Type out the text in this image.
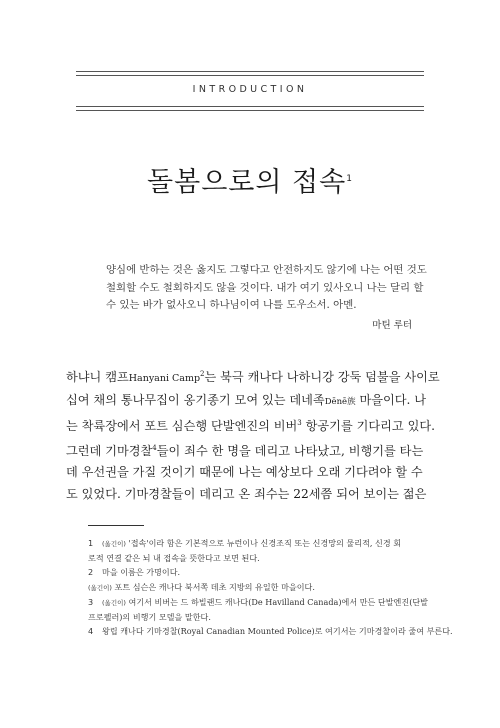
INTRODUCTION
돌봄으로의 접속$^1$
양심에 반하는 것은 옳지도 그렇다고 안전하지도 않기에 나는 어떤 것도
철회할 수도 철회하지도 않을 것이다. 내가 여기 있사오니 나는 달리 할
수 있는 바가 없사오니 하나님이여 나를 도우소서. 아멘.
마틴 루터
하냐니 캠프Hanyani Camp$^2$는 북극 캐나다 나하니강 강둑 덤불을 사이로
십여 채의 통나무집이 옹기종기 모여 있는 데네족Dēnē族 마을이다. 나
는 착륙장에서 포트 심슨행 단발엔진의 비버$^3$ 항공기를 기다리고 있다.
그런데 기마경찰$^4$들이 죄수 한 명을 데리고 나타났고, 비행기를 타는
데 우선권을 가질 것이기 때문에 나는 예상보다 오래 기다려야 할 수
도 있었다. 기마경찰들이 데리고 온 죄수는 22세쯤 되어 보이는 젊은
1 (옮긴이) '접속'이라 함은 기본적으로 뉴런이나 신경조직 또는 신경망의 물리적, 신경 회
로적 연결 같은 뇌 내 접속을 뜻한다고 보면 된다.
2 마을 이름은 가명이다.
(옮긴이) 포트 심슨은 캐나다 북서쪽 데초 지방의 유일한 마을이다.
3 (옮긴이) 여기서 비버는 드 하빌랜드 캐나다(De Havilland Canada)에서 만든 단발엔진(단발
프로펠러)의 비행기 모델을 말한다.
4 왕립 캐나다 기마경찰(Royal Canadian Mounted Police)로 여기서는 기마경찰이라 줄여 부른다.
